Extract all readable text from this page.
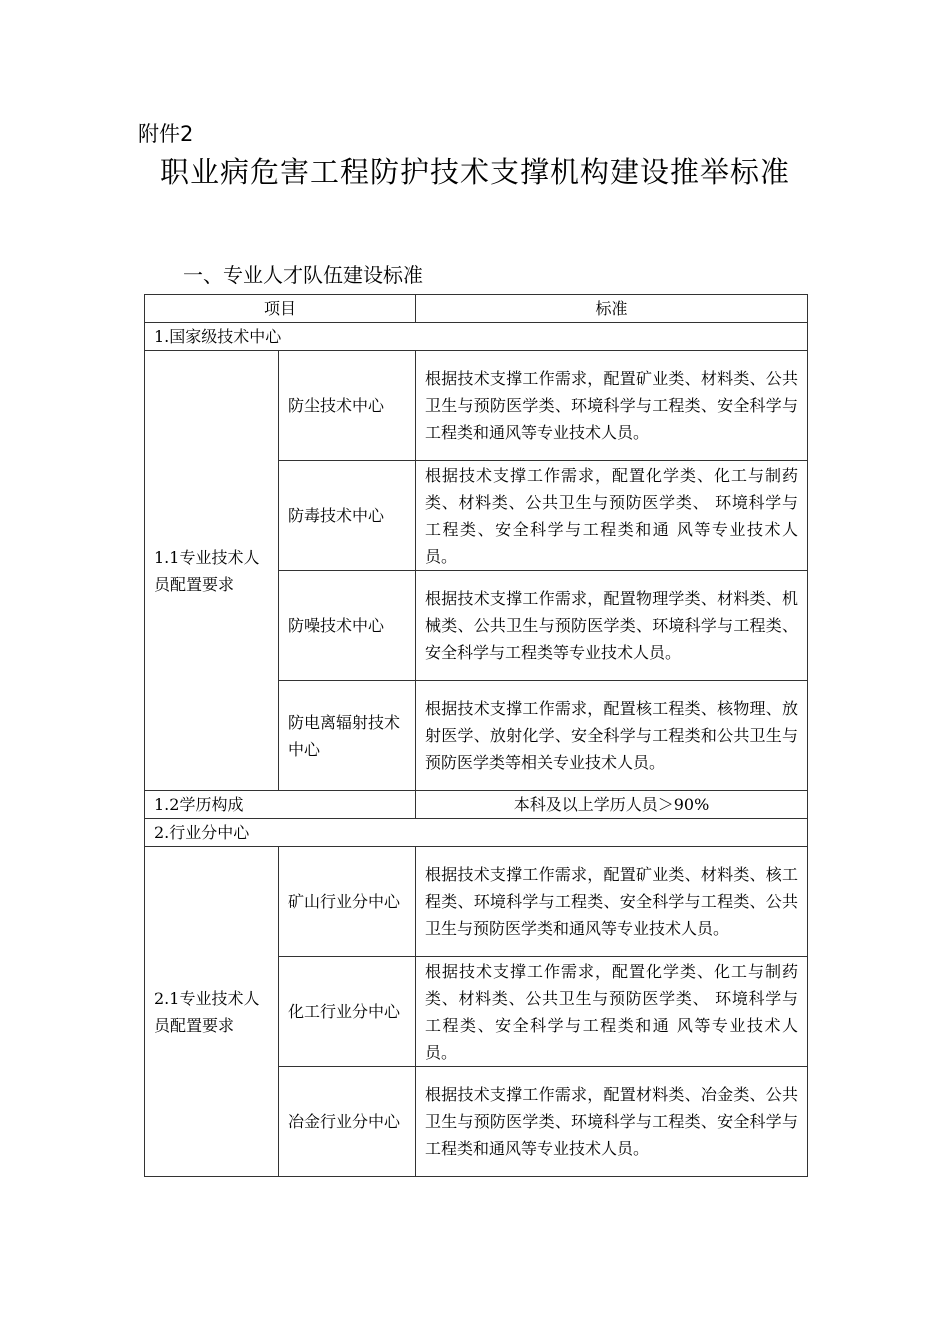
附件2
职业病危害工程防护技术支撑机构建设推举标准
一、专业人才队伍建设标准
项目		标准
1.国家级技术中心		
1.1专业技术人员配置要求	防尘技术中心	根据技术支撑工作需求，配置矿业类、材料类、公共卫生与预防医学类、环境科学与工程类、安全科学与工程类和通风等专业技术人员。
	防毒技术中心	根据技术支撑工作需求，配置化学类、化工与制药类、材料类、公共卫生与预防医学类、 环境科学与工程类、安全科学与工程类和通 风等专业技术人员。
	防噪技术中心	根据技术支撑工作需求，配置物理学类、材料类、机械类、公共卫生与预防医学类、环境科学与工程类、安全科学与工程类等专业技术人员。
	防电离辐射技术中心	根据技术支撑工作需求，配置核工程类、核物理、放射医学、放射化学、安全科学与工程类和公共卫生与预防医学类等相关专业技术人员。
1.2学历构成		本科及以上学历人员＞90%
2.行业分中心		
2.1专业技术人员配置要求	矿山行业分中心	根据技术支撑工作需求，配置矿业类、材料类、核工程类、环境科学与工程类、安全科学与工程类、公共卫生与预防医学类和通风等专业技术人员。
	化工行业分中心	根据技术支撑工作需求，配置化学类、化工与制药类、材料类、公共卫生与预防医学类、 环境科学与工程类、安全科学与工程类和通 风等专业技术人员。
	冶金行业分中心	根据技术支撑工作需求，配置材料类、冶金类、公共卫生与预防医学类、环境科学与工程类、安全科学与工程类和通风等专业技术人员。
